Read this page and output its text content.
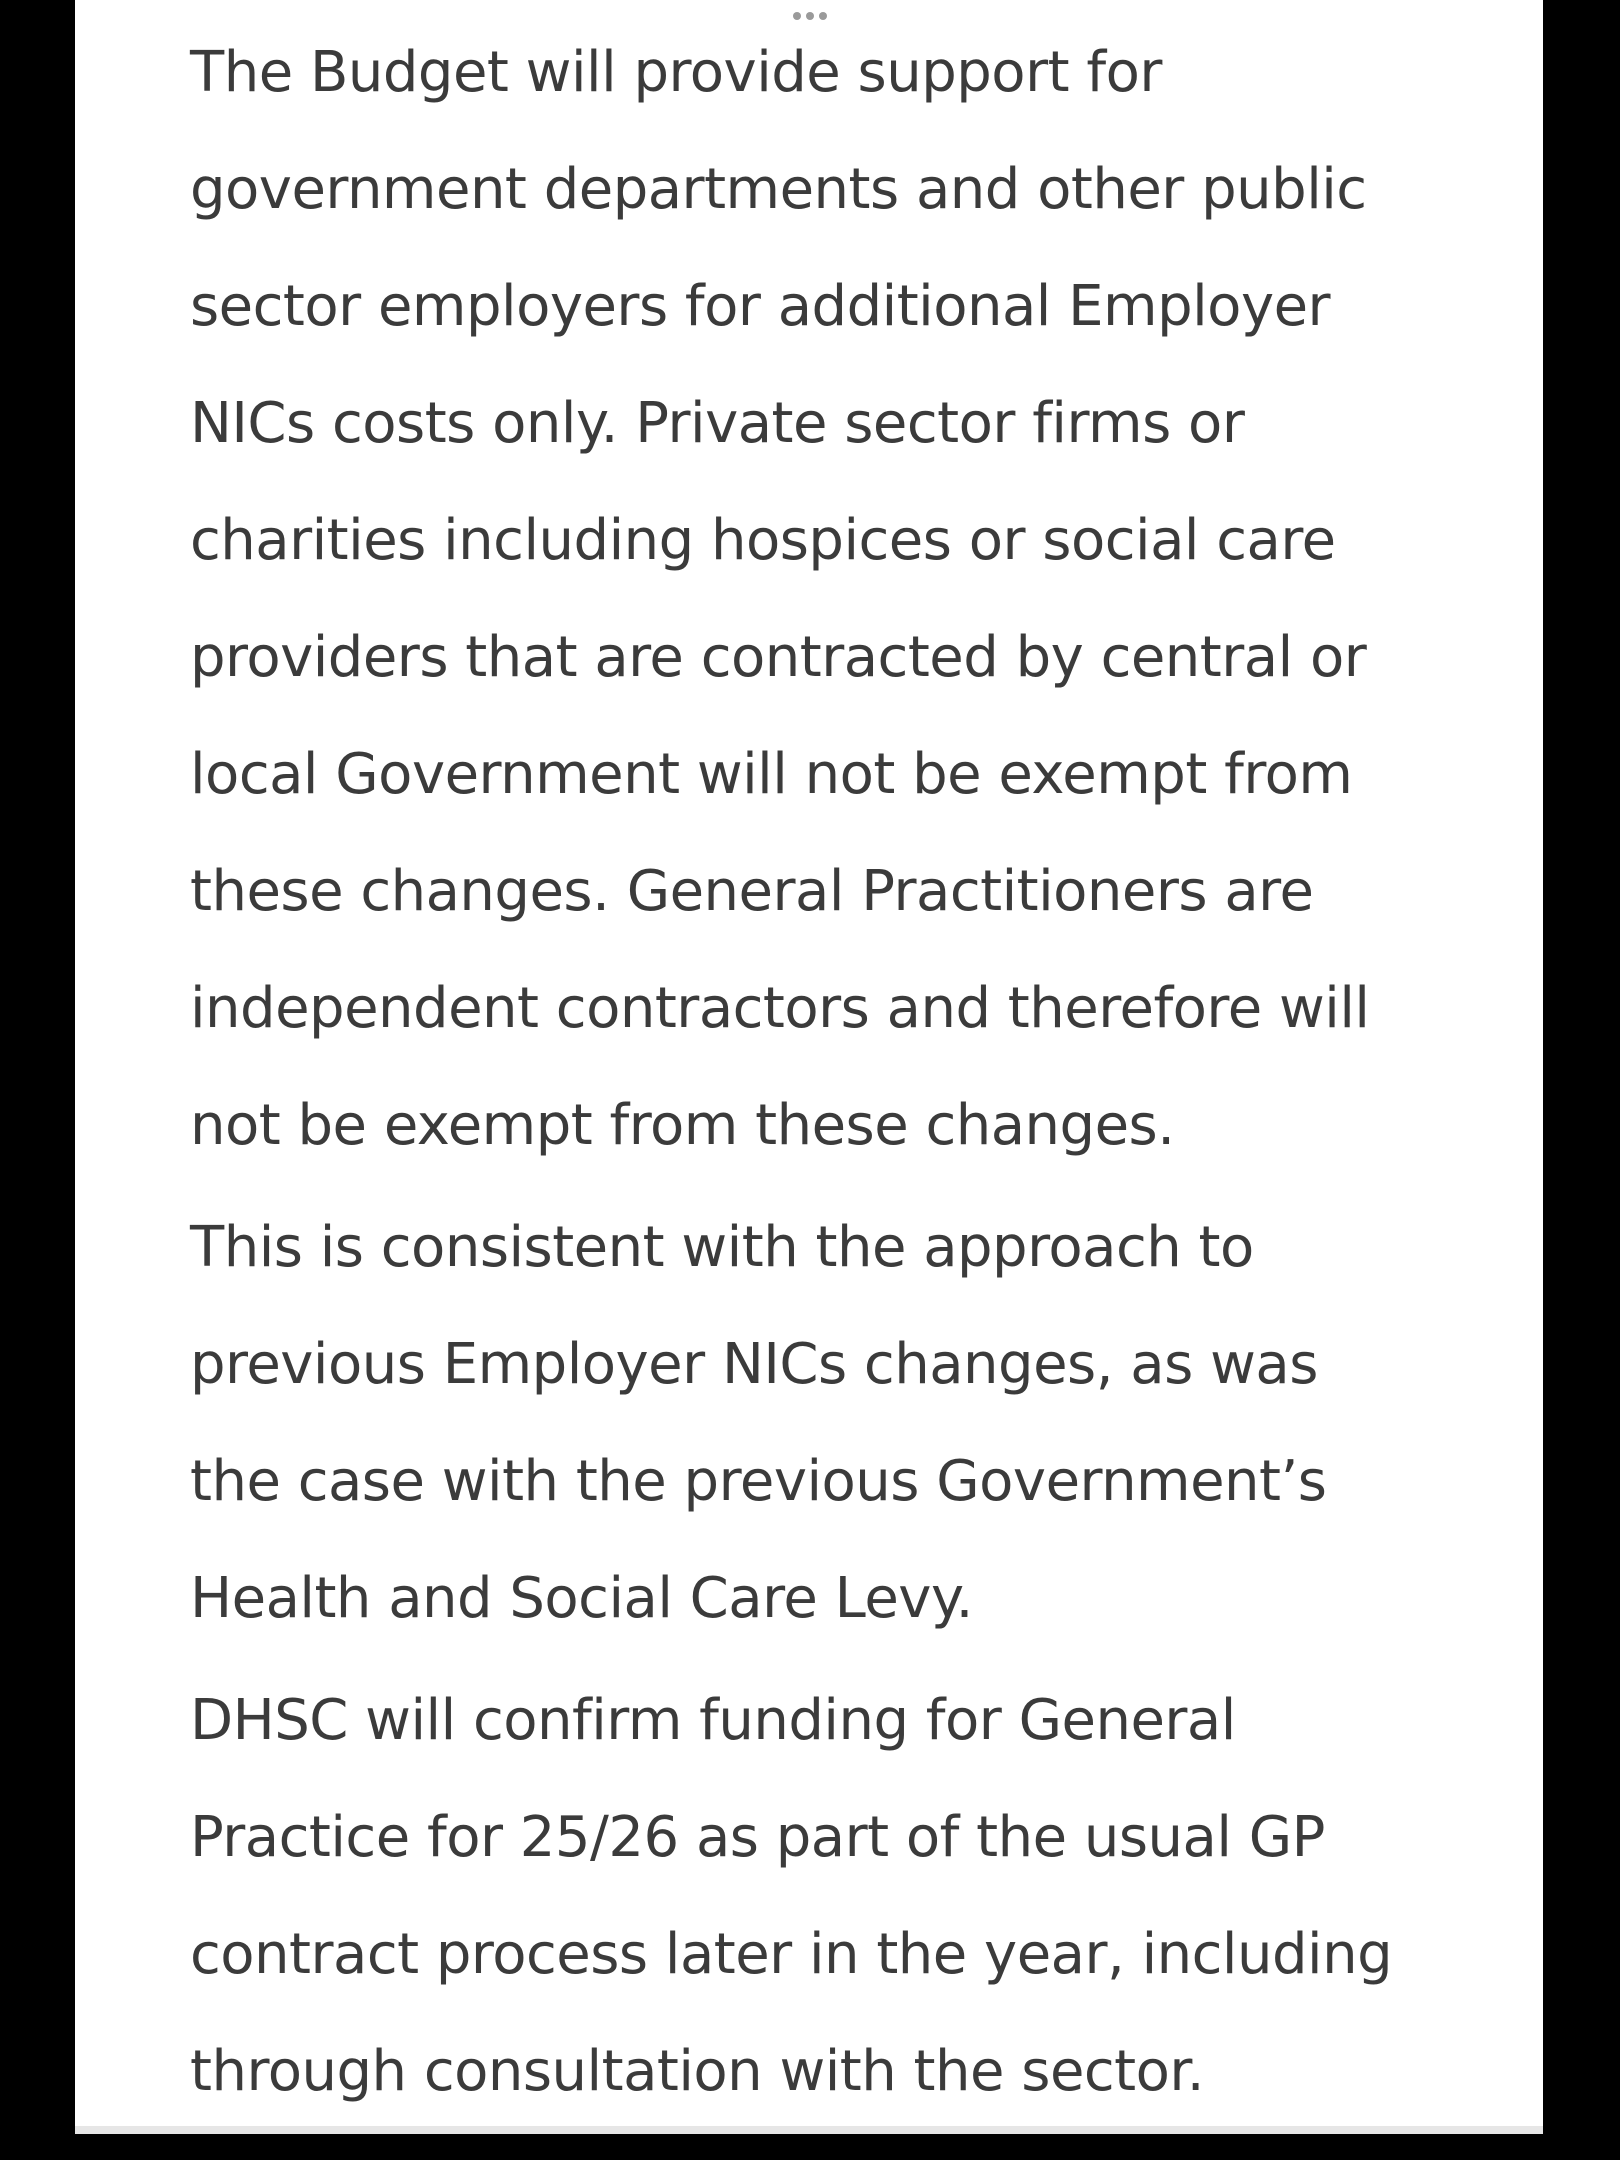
The Budget will provide support for
government departments and other public
sector employers for additional Employer
NICs costs only. Private sector firms or
charities including hospices or social care
providers that are contracted by central or
local Government will not be exempt from
these changes. General Practitioners are
independent contractors and therefore will
not be exempt from these changes.

This is consistent with the approach to
previous Employer NICs changes, as was
the case with the previous Government’s
Health and Social Care Levy.

DHSC will confirm funding for General
Practice for 25/26 as part of the usual GP
contract process later in the year, including
through consultation with the sector.
